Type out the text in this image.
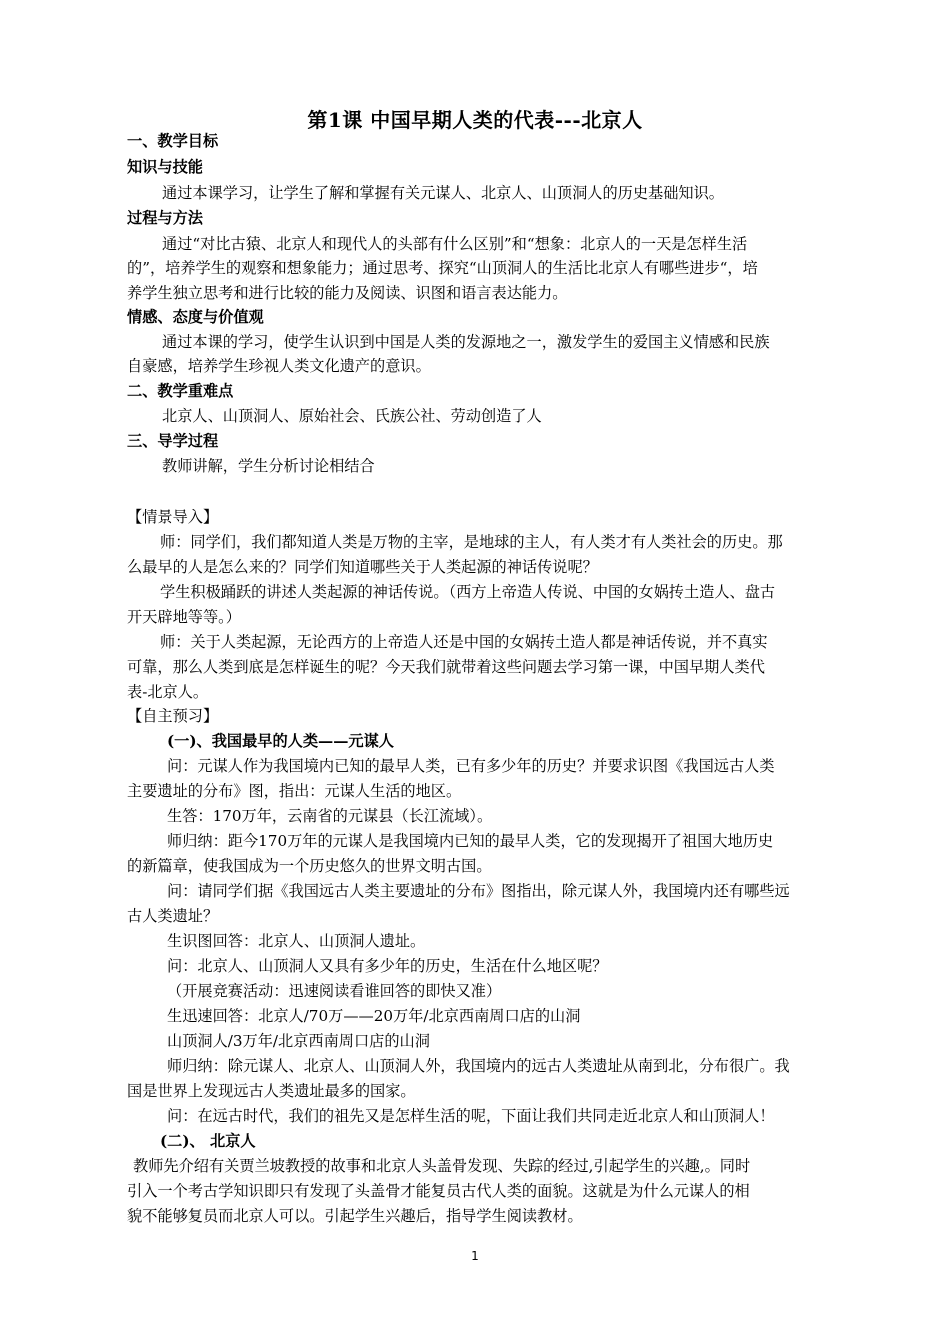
第1课 中国早期人类的代表---北京人
一、教学目标
知识与技能
通过本课学习，让学生了解和掌握有关元谋人、北京人、山顶洞人的历史基础知识。
过程与方法
通过“对比古猿、北京人和现代人的头部有什么区别”和“想象：北京人的一天是怎样生活
的”，培养学生的观察和想象能力；通过思考、探究“山顶洞人的生活比北京人有哪些进步“，培
养学生独立思考和进行比较的能力及阅读、识图和语言表达能力。
情感、态度与价值观
通过本课的学习，使学生认识到中国是人类的发源地之一，激发学生的爱国主义情感和民族
自豪感，培养学生珍视人类文化遗产的意识。
二、教学重难点
北京人、山顶洞人、原始社会、氏族公社、劳动创造了人
三、导学过程
教师讲解，学生分析讨论相结合
【情景导入】
师：同学们，我们都知道人类是万物的主宰，是地球的主人，有人类才有人类社会的历史。那
么最早的人是怎么来的？同学们知道哪些关于人类起源的神话传说呢？
学生积极踊跃的讲述人类起源的神话传说。（西方上帝造人传说、中国的女娲抟土造人、盘古
开天辟地等等。）
师：关于人类起源，无论西方的上帝造人还是中国的女娲抟土造人都是神话传说，并不真实
可靠，那么人类到底是怎样诞生的呢？今天我们就带着这些问题去学习第一课，中国早期人类代
表-北京人。
【自主预习】
(一)、我国最早的人类——元谋人
问：元谋人作为我国境内已知的最早人类，已有多少年的历史？并要求识图《我国远古人类
主要遗址的分布》图，指出：元谋人生活的地区。
生答：170万年，云南省的元谋县（长江流域）。
师归纳：距今170万年的元谋人是我国境内已知的最早人类，它的发现揭开了祖国大地历史
的新篇章，使我国成为一个历史悠久的世界文明古国。
问：请同学们据《我国远古人类主要遗址的分布》图指出，除元谋人外，我国境内还有哪些远
古人类遗址？
生识图回答：北京人、山顶洞人遗址。
问：北京人、山顶洞人又具有多少年的历史，生活在什么地区呢？
（开展竞赛活动：迅速阅读看谁回答的即快又准）
生迅速回答：北京人/70万——20万年/北京西南周口店的山洞
山顶洞人/3万年/北京西南周口店的山洞
师归纳：除元谋人、北京人、山顶洞人外，我国境内的远古人类遗址从南到北，分布很广。我
国是世界上发现远古人类遗址最多的国家。
问：在远古时代，我们的祖先又是怎样生活的呢，下面让我们共同走近北京人和山顶洞人！
(二)、 北京人
教师先介绍有关贾兰坡教授的故事和北京人头盖骨发现、失踪的经过,引起学生的兴趣,。同时
引入一个考古学知识即只有发现了头盖骨才能复员古代人类的面貌。这就是为什么元谋人的相
貌不能够复员而北京人可以。引起学生兴趣后，指导学生阅读教材。
1
